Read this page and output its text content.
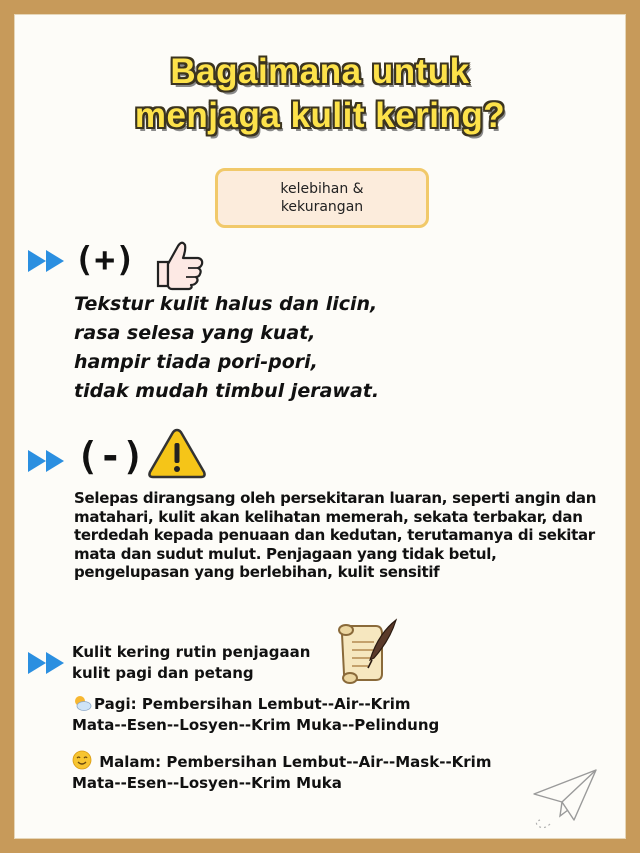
Bagaimana untuk
menjaga kulit kering?
kelebihan &
kekurangan
(+)
Tekstur kulit halus dan licin,
rasa selesa yang kuat,
hampir tiada pori-pori,
tidak mudah timbul jerawat.
(-)
Selepas dirangsang oleh persekitaran luaran, seperti angin dan matahari, kulit akan kelihatan memerah, sekata terbakar, dan terdedah kepada penuaan dan kedutan, terutamanya di sekitar mata dan sudut mulut. Penjagaan yang tidak betul, pengelupasan yang berlebihan, kulit sensitif
Kulit kering rutin penjagaan
kulit pagi dan petang
Pagi: Pembersihan Lembut--Air--Krim
Mata--Esen--Losyen--Krim Muka--Pelindung
Malam: Pembersihan Lembut--Air--Mask--Krim
Mata--Esen--Losyen--Krim Muka
